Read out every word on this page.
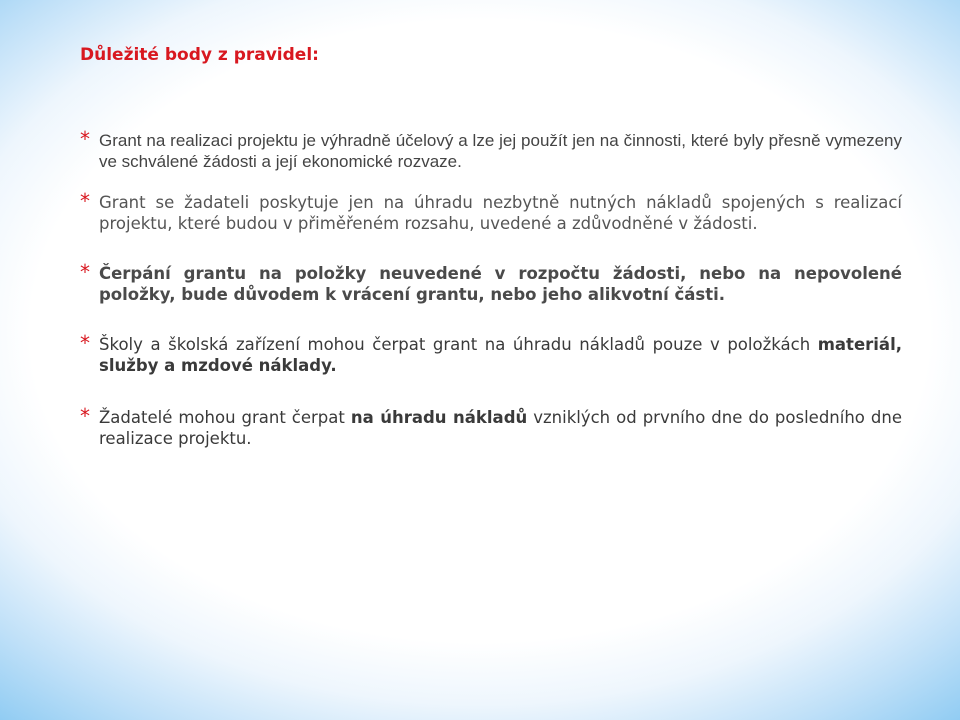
Důležité body z pravidel:
* Grant na realizaci projektu je výhradně účelový a lze jej použít jen na činnosti, které byly přesně vymezeny ve schválené žádosti a její ekonomické rozvaze.
* Grant se žadateli poskytuje jen na úhradu nezbytně nutných nákladů spojených s realizací projektu, které budou v přiměřeném rozsahu, uvedené a zdůvodněné v žádosti.
* Čerpání grantu na položky neuvedené v rozpočtu žádosti, nebo na nepovolené položky, bude důvodem k vrácení grantu, nebo jeho alikvotní části.
* Školy a školská zařízení mohou čerpat grant na úhradu nákladů pouze v položkách materiál, služby a mzdové náklady.
* Žadatelé mohou grant čerpat na úhradu nákladů vzniklých od prvního dne do posledního dne realizace projektu.
